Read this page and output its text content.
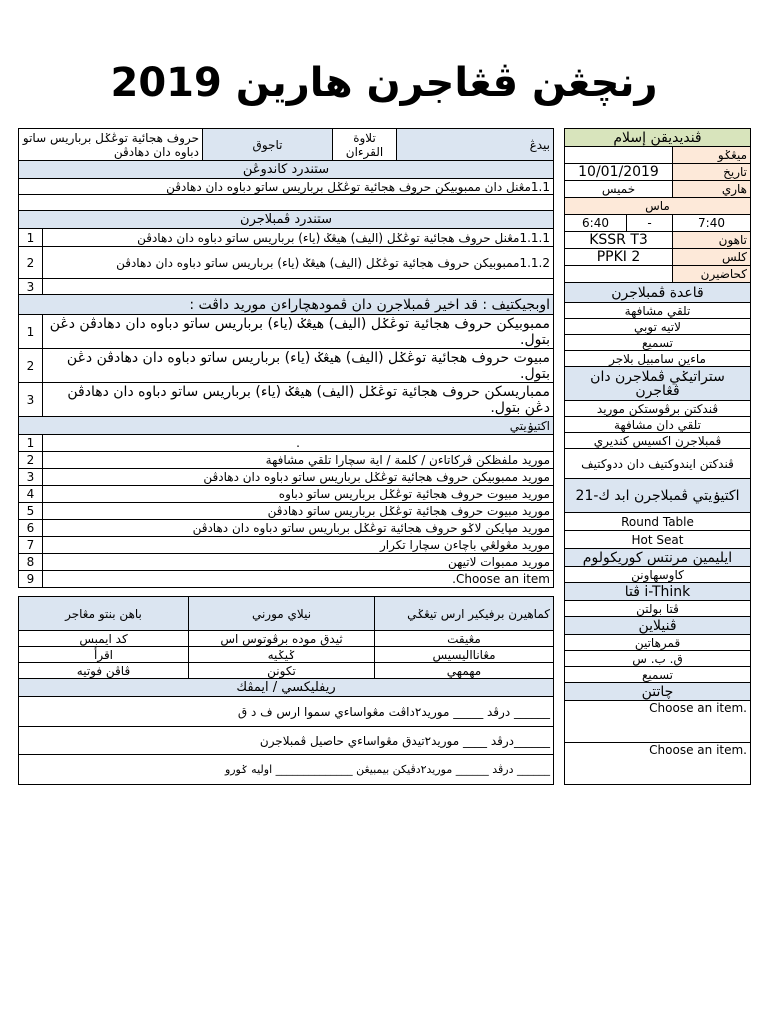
رنچڠن ڤڠاجرن هارين 2019
حروف هجائية توڠݢل برباريس ساتو دباوه دان دهادڤن		تاجوق	تلاوة القرءان	بيدڠ
ستندرد كاندوڠن				
1.1مڠنل دان ممبوبيكن حروف هجائية توڠݢل برباريس ساتو دباوه دان دهادڤن				

ستندرد ڤمبلاجرن				
1	1.1.1مڠنل حروف هجائية توڠݢل (اليف) هيڠݢ (ياء) برباريس ساتو دباوه دان دهادڤن			
2	1.1.2ممبوبيكن حروف هجائية توڠݢل (اليف) هيڠݢ (ياء) برباريس ساتو دباوه دان دهادڤن			
3				
اوبجيكتيف : قد اخير ڤمبلاجرن دان ڤمودهچاراءن موريد داڤت :				
1	ممبوبيكن حروف هجائية توڠݢل (اليف) هيڠݢ (ياء) برباريس ساتو دباوه دان دهادڤن دڠن بتول.			
2	مبيوت حروف هجائية توڠݢل (اليف) هيڠݢ (ياء) برباريس ساتو دباوه دان دهادڤن دڠن بتول.			
3	ممباريسكن حروف هجائية توڠݢل (اليف) هيڠݢ (ياء) برباريس ساتو دباوه دان دهادڤن دڠن بتول.			
اكتيۏيتي				
1	.			
2	موريد ملفظكن ڤركاتاءن / كلمة / اية سچارا تلقي مشافهة			
3	موريد ممبوبيكن حروف هجائية توڠݢل برباريس ساتو دباوه دان دهادڤن			
4	موريد مبيوت حروف هجائية توڠݢل برباريس ساتو دباوه			
5	موريد مبيوت حروف هجائية توڠݢل برباريس ساتو دهادڤن			
6	موريد مپايكن لاݢو حروف هجائية توڠݢل برباريس ساتو دباوه دان دهادڤن			
7	موريد مڠولڠي باچاءن سچارا تكرار			
8	موريد ممبوات لاتيهن			
9	Choose an item.			
باهن بنتو مڠاجر	نيلاي مورني	كماهيرن برفيكير ارس تيڠݢي
كد ايمبس	ثيدق موده برڤوتوس اس	مڠيقت
اقرأ	ݢيݢيه	مڠانااليسيس
ڤاڤن فوتيه	تكونن	مهمهي
ريفليكسي / ايمڤك		
______ درڤد _____ موريد٢داڤت مڠواساءي سموا ارس ف د ق		
______درڤد ____ موريد٢تيدق مڠواساءي حاصيل ڤمبلاجرن		
______ درڤد ______ موريد٢دڤيكن بيمبيڠن ______________ اوليه ݢورو		
ڤنديديقن إسلام		
		ميڠݢو
10/01/2019		تاريخ
خميس		هاري
ماس		
6:40	-	7:40
KSSR T3		تاهون
PPKI 2		كلس
		كحاضيرن
قاعدة ڤمبلاجرن		
تلقي مشافهة		
لاتيه توبي		
تسميع		
ماءين سامبيل بلاجر		
ستراتيݢي ڤملاجرن دان ڤڠاجرن		
ڤندكتن برڤوستكن موريد		
تلقي دان مشافهة		
ڤمبلاجرن اكسيس كنديري		
ڤندكتن ايندوكتيف دان ددوكتيف		
اكتيۏيتي ڤمبلاجرن ابد ك-21		
Round Table		
Hot Seat		
ايليمين مرنتس كوريكولوم		
كاوسهاونن		
ڤتا i-Think		
ڤتا بولتن		
ڤنيلاين		
قمرهاتين		
ق. ب. س		
تسميع		
چاتتن		
Choose an item.		
Choose an item.		
